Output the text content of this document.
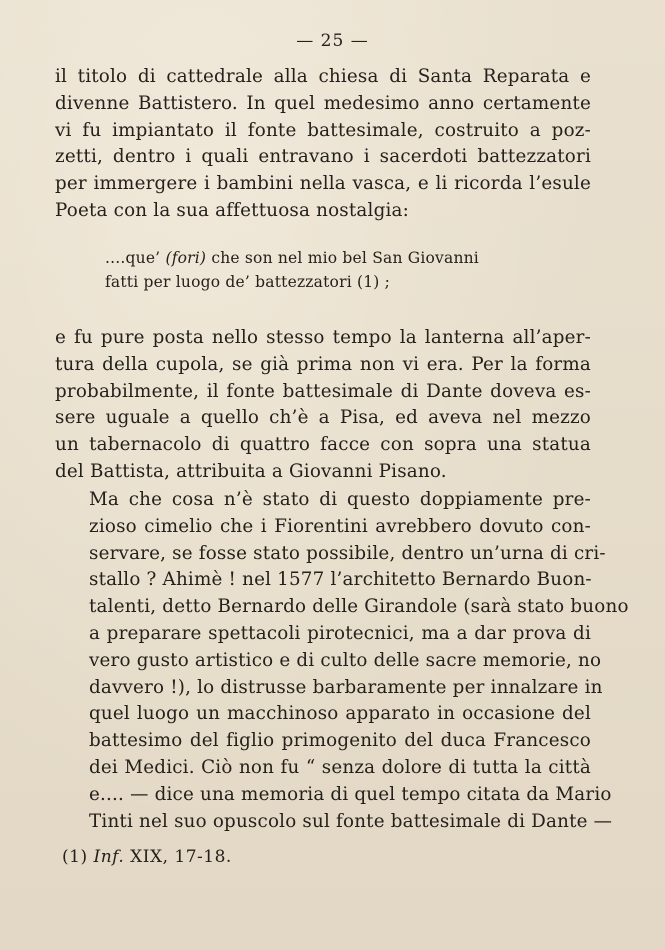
— 25 —
il titolo di cattedrale alla chiesa di Santa Reparata e
divenne Battistero. In quel medesimo anno certamente
vi fu impiantato il fonte battesimale, costruito a poz-
zetti, dentro i quali entravano i sacerdoti battezzatori
per immergere i bambini nella vasca, e li ricorda l’esule
Poeta con la sua affettuosa nostalgia:
....que’ (fori) che son nel mio bel San Giovanni
fatti per luogo de’ battezzatori (1) ;
e fu pure posta nello stesso tempo la lanterna all’aper-
tura della cupola, se già prima non vi era. Per la forma
probabilmente, il fonte battesimale di Dante doveva es-
sere uguale a quello ch’è a Pisa, ed aveva nel mezzo
un tabernacolo di quattro facce con sopra una statua
del Battista, attribuita a Giovanni Pisano.
Ma che cosa n’è stato di questo doppiamente pre-
zioso cimelio che i Fiorentini avrebbero dovuto con-
servare, se fosse stato possibile, dentro un’urna di cri-
stallo ? Ahimè ! nel 1577 l’architetto Bernardo Buon-
talenti, detto Bernardo delle Girandole (sarà stato buono
a preparare spettacoli pirotecnici, ma a dar prova di
vero gusto artistico e di culto delle sacre memorie, no
davvero !), lo distrusse barbaramente per innalzare in
quel luogo un macchinoso apparato in occasione del
battesimo del figlio primogenito del duca Francesco
dei Medici. Ciò non fu “ senza dolore di tutta la città
e.... — dice una memoria di quel tempo citata da Mario
Tinti nel suo opuscolo sul fonte battesimale di Dante —
(1) Inf. XIX, 17-18.
